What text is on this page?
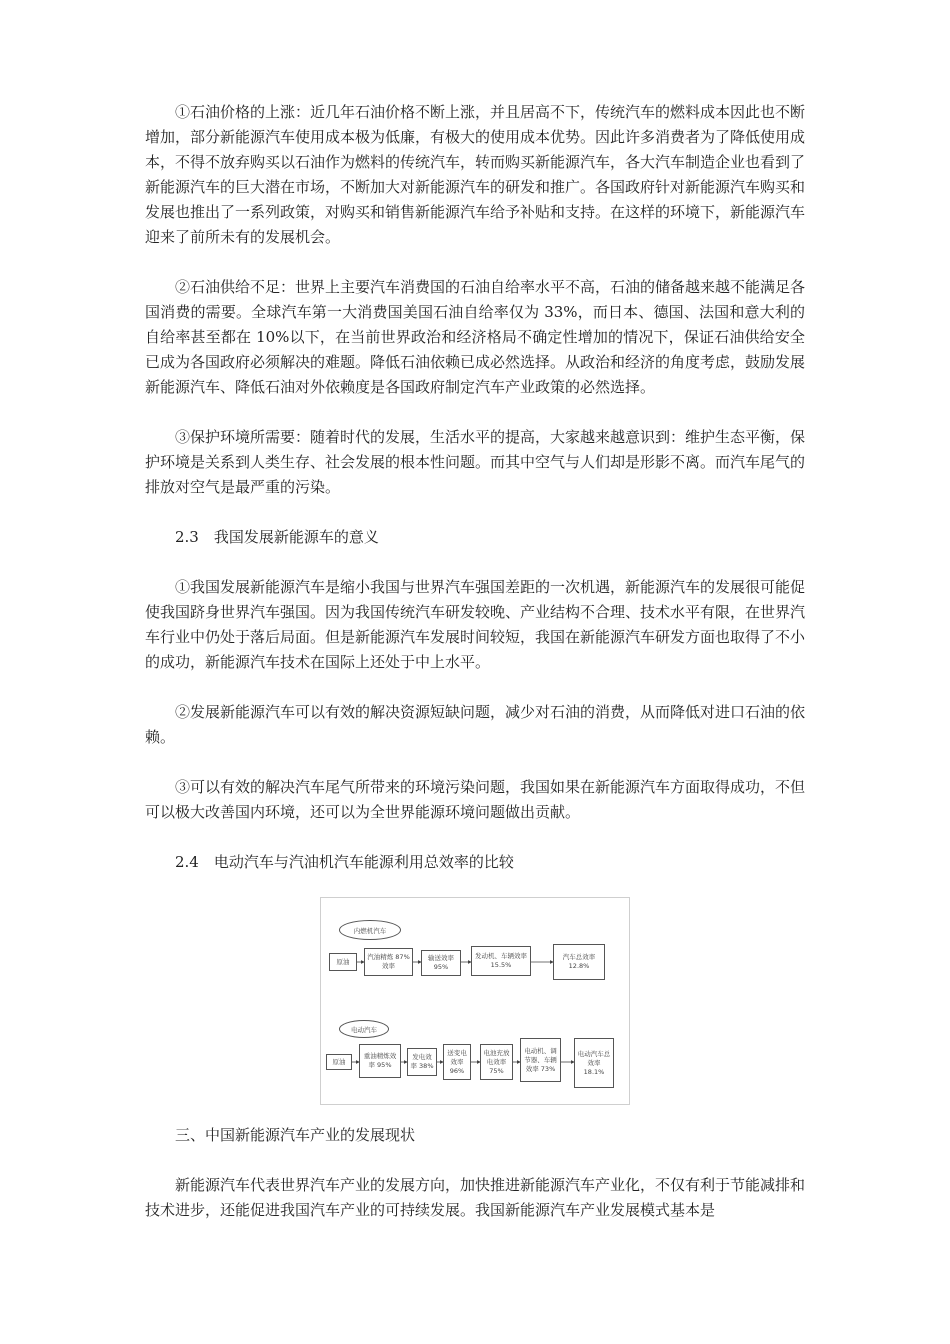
①石油价格的上涨：近几年石油价格不断上涨，并且居高不下，传统汽车的燃料成本因此也不断增加，部分新能源汽车使用成本极为低廉，有极大的使用成本优势。因此许多消费者为了降低使用成本，不得不放弃购买以石油作为燃料的传统汽车，转而购买新能源汽车，各大汽车制造企业也看到了新能源汽车的巨大潜在市场，不断加大对新能源汽车的研发和推广。各国政府针对新能源汽车购买和发展也推出了一系列政策，对购买和销售新能源汽车给予补贴和支持。在这样的环境下，新能源汽车迎来了前所未有的发展机会。

②石油供给不足：世界上主要汽车消费国的石油自给率水平不高，石油的储备越来越不能满足各国消费的需要。全球汽车第一大消费国美国石油自给率仅为 33%，而日本、德国、法国和意大利的自给率甚至都在 10%以下，在当前世界政治和经济格局不确定性增加的情况下，保证石油供给安全已成为各国政府必须解决的难题。降低石油依赖已成必然选择。从政治和经济的角度考虑，鼓励发展新能源汽车、降低石油对外依赖度是各国政府制定汽车产业政策的必然选择。

③保护环境所需要：随着时代的发展，生活水平的提高，大家越来越意识到：维护生态平衡，保护环境是关系到人类生存、社会发展的根本性问题。而其中空气与人们却是形影不离。而汽车尾气的排放对空气是最严重的污染。

2.3　我国发展新能源车的意义

①我国发展新能源汽车是缩小我国与世界汽车强国差距的一次机遇，新能源汽车的发展很可能促使我国跻身世界汽车强国。因为我国传统汽车研发较晚、产业结构不合理、技术水平有限，在世界汽车行业中仍处于落后局面。但是新能源汽车发展时间较短，我国在新能源汽车研发方面也取得了不小的成功，新能源汽车技术在国际上还处于中上水平。

②发展新能源汽车可以有效的解决资源短缺问题，减少对石油的消费，从而降低对进口石油的依赖。

③可以有效的解决汽车尾气所带来的环境污染问题，我国如果在新能源汽车方面取得成功，不但可以极大改善国内环境，还可以为全世界能源环境问题做出贡献。

2.4　电动汽车与汽油机汽车能源利用总效率的比较
内燃机汽车
原油
汽油精炼 87%效率
输送效率 95%
发动机、车辆效率 15.5%
汽车总效率 12.8%
电动汽车
原油
重油精炼效率 95%
发电效率 38%
送变电效率 96%
电池充放电效率 75%
电动机、调节器、车辆效率 73%
电动汽车总效率 18.1%
三、中国新能源汽车产业的发展现状

新能源汽车代表世界汽车产业的发展方向，加快推进新能源汽车产业化，不仅有利于节能减排和技术进步，还能促进我国汽车产业的可持续发展。我国新能源汽车产业发展模式基本是
